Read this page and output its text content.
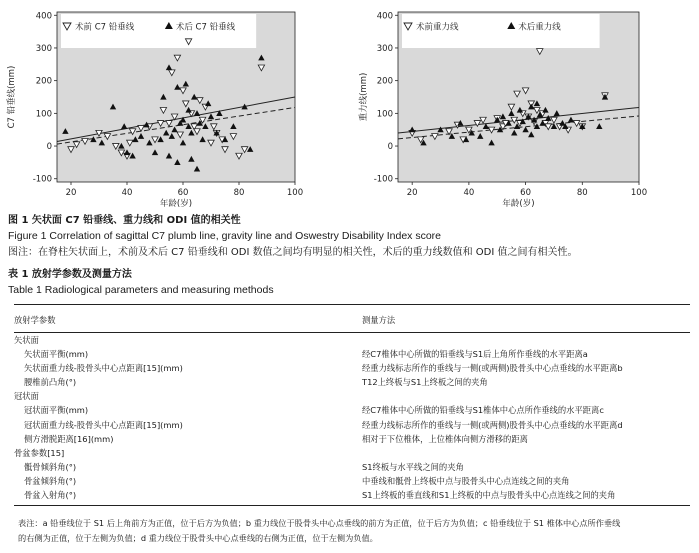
术前 C7 铅垂线	术后 C7 铅垂线
-100
0
100
200
300
400
20	40	60	80	100
年龄(岁)
C7 铅垂线(mm)
术前重力线	术后重力线
-100
0
100
200
300
400
20	40	60	80	100
年龄(岁)
重力线(mm)
图 1 矢状面 C7 铅垂线、重力线和 ODI 值的相关性
Figure 1 Correlation of sagittal C7 plumb line, gravity line and Oswestry Disability Index score
图注：在脊柱矢状面上，术前及术后 C7 铅垂线和 ODI 数值之间均有明显的相关性，术后的重力线数值和 ODI 值之间有相关性。
表 1 放射学参数及测量方法
Table 1 Radiological parameters and measuring methods
放射学参数	测量方法
矢状面	
矢状面平衡(mm)	经C7椎体中心所做的铅垂线与S1后上角所作垂线的水平距离a
矢状面重力线-股骨头中心点距离[15](mm)	经重力线标志所作的垂线与一侧(或两侧)股骨头中心点垂线的水平距离b
腰椎前凸角(°)	T12上终板与S1上终板之间的夹角
冠状面	
冠状面平衡(mm)	经C7椎体中心所做的铅垂线与S1椎体中心点所作垂线的水平距离c
冠状面重力线-股骨头中心点距离[15](mm)	经重力线标志所作的垂线与一侧(或两侧)股骨头中心点垂线的水平距离d
侧方滑脱距离[16](mm)	相对于下位椎体，上位椎体向侧方滑移的距离
骨盆参数[15]	
骶骨倾斜角(°)	S1终板与水平线之间的夹角
骨盆倾斜角(°)	中垂线和骶骨上终板中点与股骨头中心点连线之间的夹角
骨盆入射角(°)	S1上终板的垂直线和S1上终板的中点与股骨头中心点连线之间的夹角
表注：a 铅垂线位于 S1 后上角前方为正值，位于后方为负值；b 重力线位于股骨头中心点垂线的前方为正值，位于后方为负值；c 铅垂线位于 S1 椎体中心点所作垂线
的右侧为正值，位于左侧为负值；d 重力线位于股骨头中心点垂线的右侧为正值，位于左侧为负值。
